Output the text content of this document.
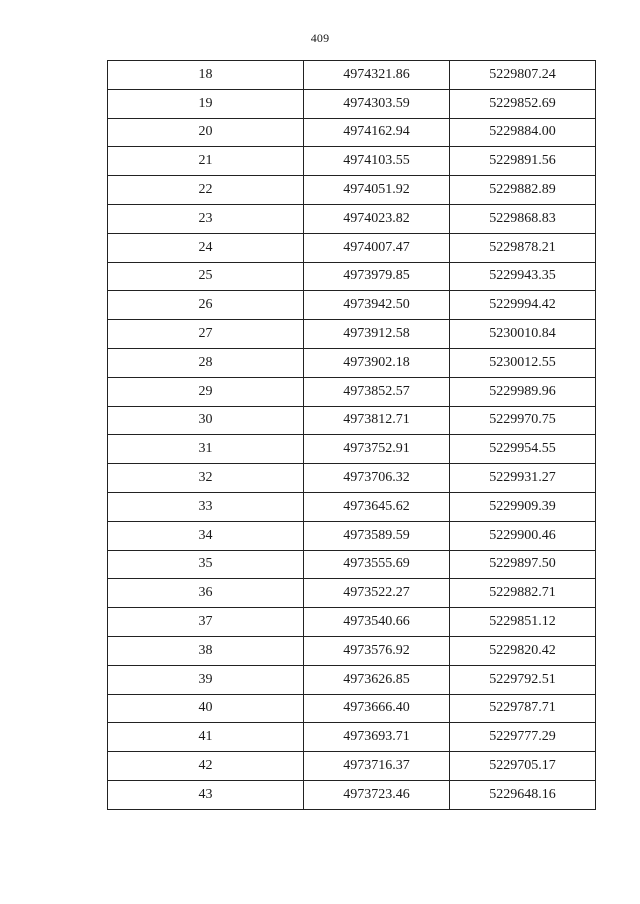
409
18	4974321.86	5229807.24
19	4974303.59	5229852.69
20	4974162.94	5229884.00
21	4974103.55	5229891.56
22	4974051.92	5229882.89
23	4974023.82	5229868.83
24	4974007.47	5229878.21
25	4973979.85	5229943.35
26	4973942.50	5229994.42
27	4973912.58	5230010.84
28	4973902.18	5230012.55
29	4973852.57	5229989.96
30	4973812.71	5229970.75
31	4973752.91	5229954.55
32	4973706.32	5229931.27
33	4973645.62	5229909.39
34	4973589.59	5229900.46
35	4973555.69	5229897.50
36	4973522.27	5229882.71
37	4973540.66	5229851.12
38	4973576.92	5229820.42
39	4973626.85	5229792.51
40	4973666.40	5229787.71
41	4973693.71	5229777.29
42	4973716.37	5229705.17
43	4973723.46	5229648.16
